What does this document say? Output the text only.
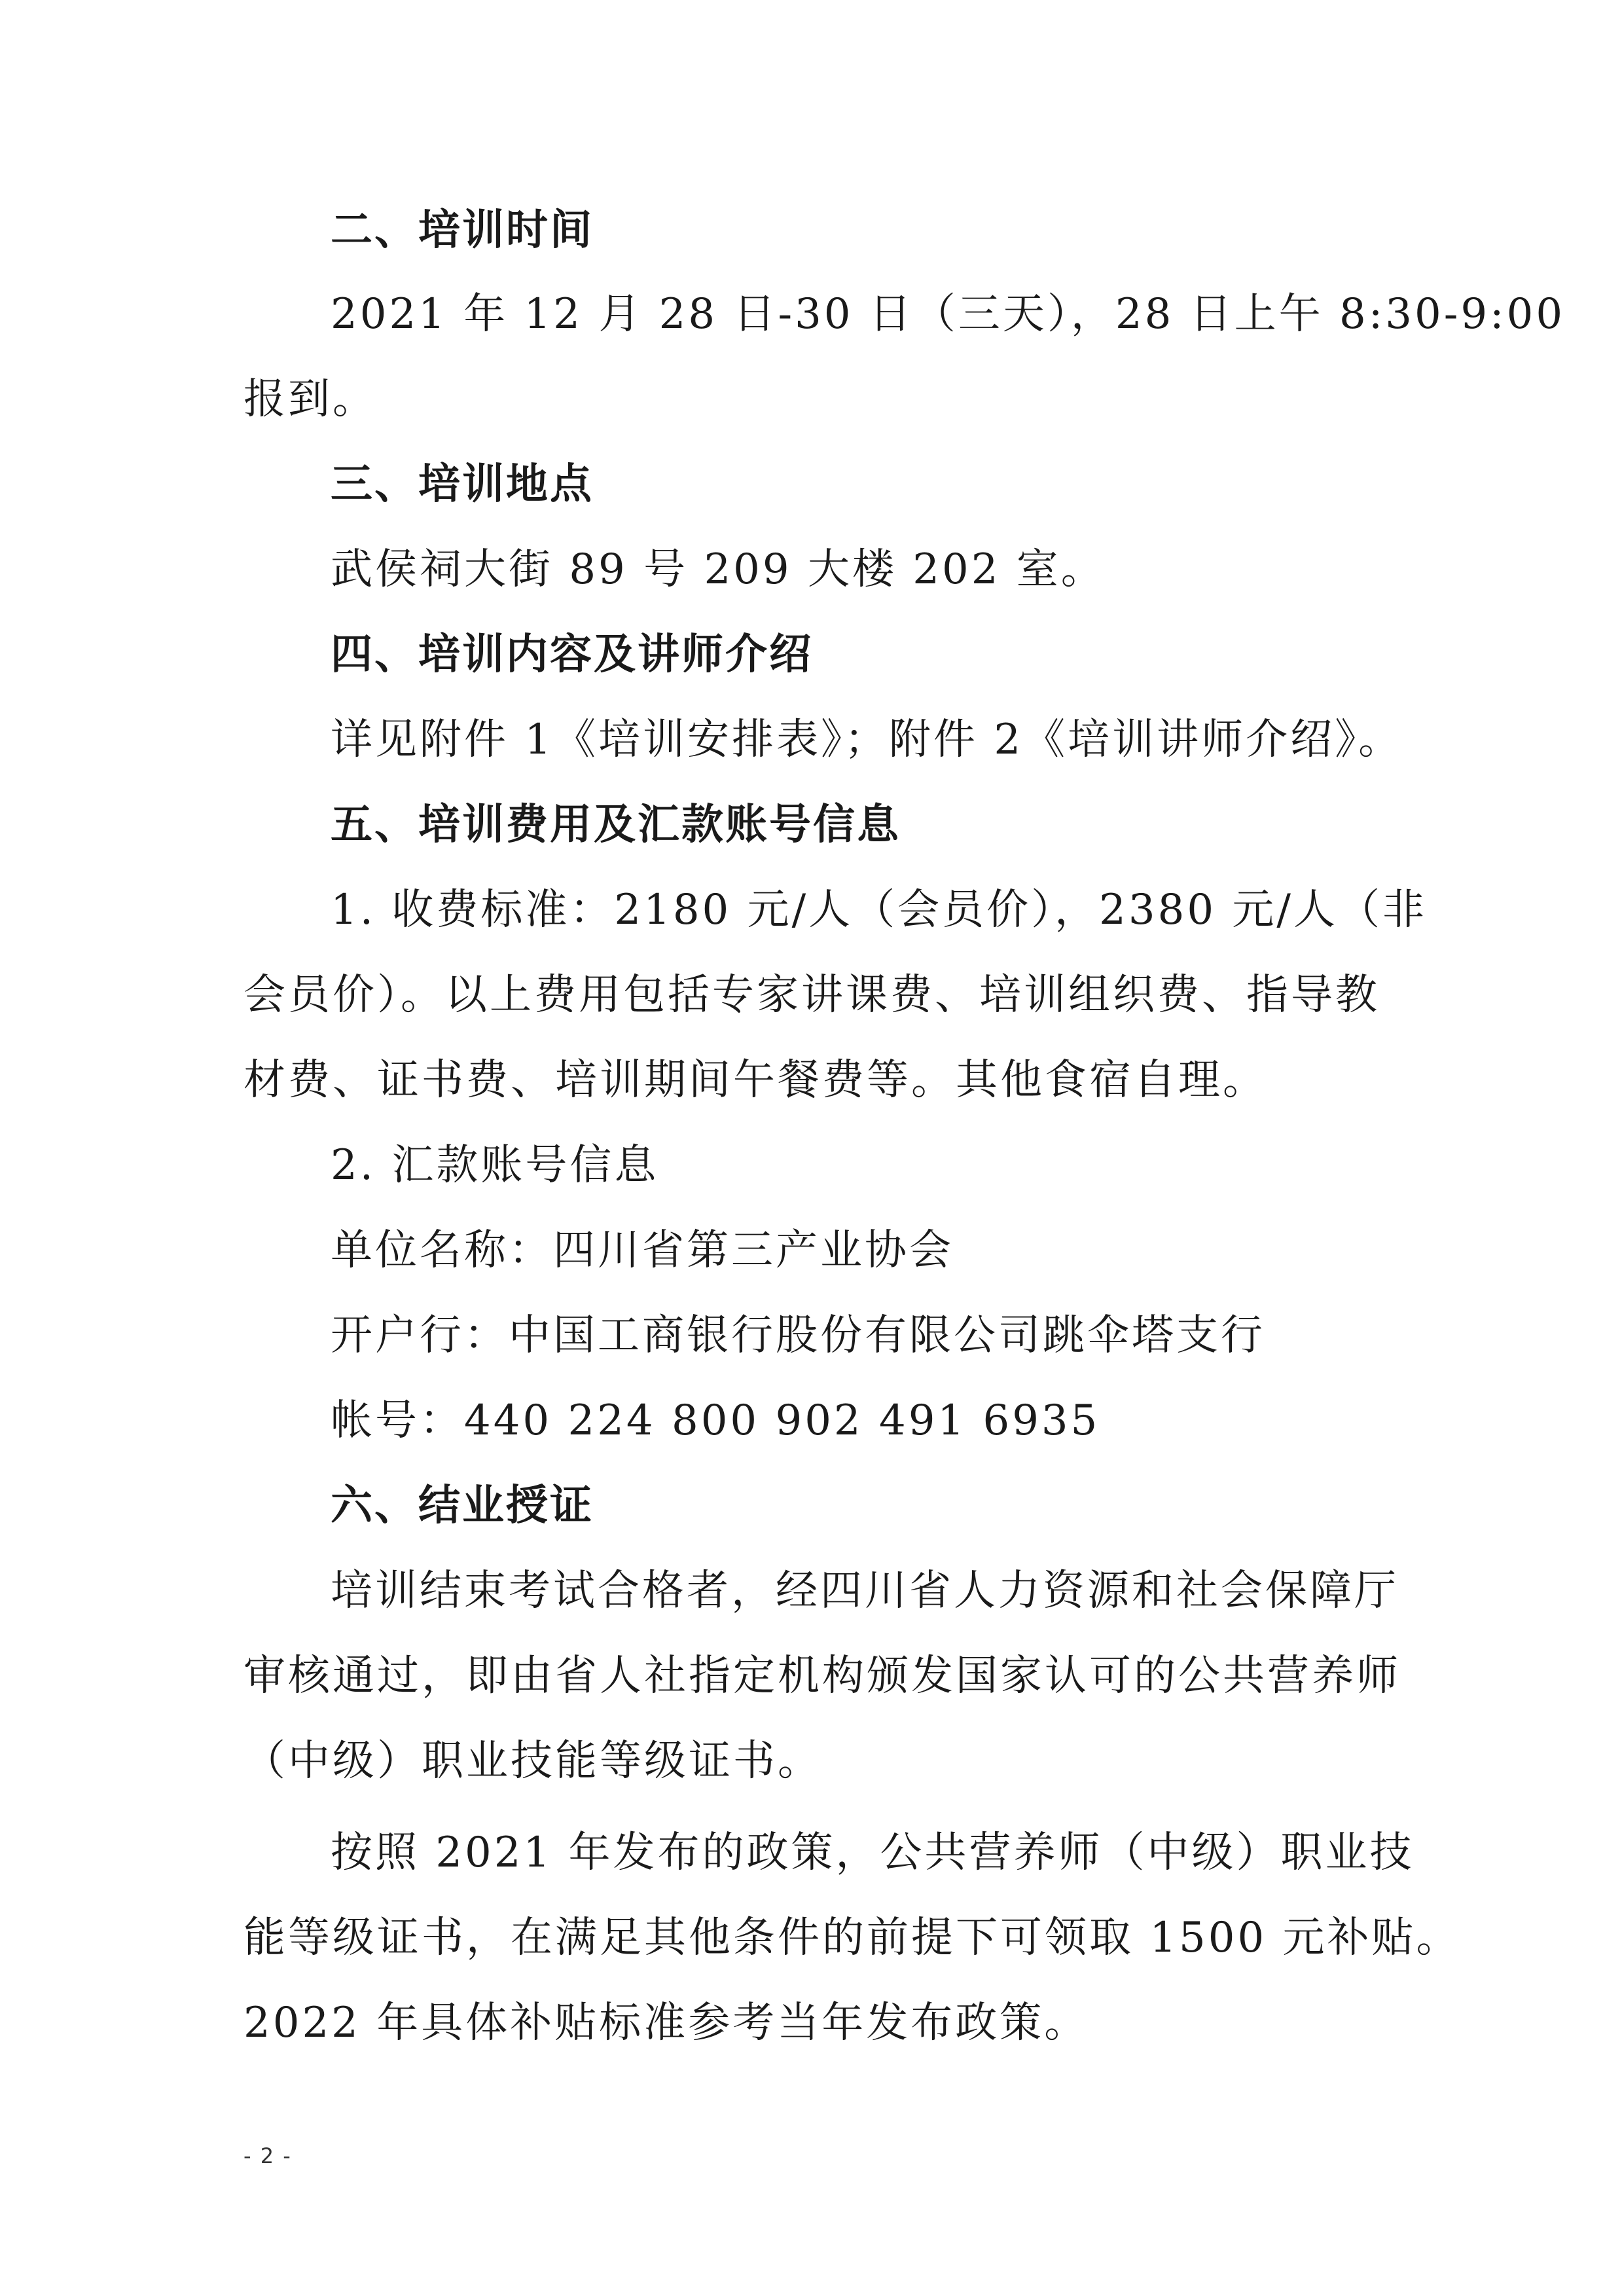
二、培训时间
2021 年 12 月 28 日-30 日（三天），28 日上午 8:30-9:00
报到。
三、培训地点
武侯祠大街 89 号 209 大楼 202 室。
四、培训内容及讲师介绍
详见附件 1《培训安排表》；附件 2《培训讲师介绍》。
五、培训费用及汇款账号信息
1. 收费标准：2180 元/人（会员价），2380 元/人（非
会员价）。以上费用包括专家讲课费、培训组织费、指导教
材费、证书费、培训期间午餐费等。其他食宿自理。
2. 汇款账号信息
单位名称：四川省第三产业协会
开户行：中国工商银行股份有限公司跳伞塔支行
帐号：440 224 800 902 491 6935
六、结业授证
培训结束考试合格者，经四川省人力资源和社会保障厅
审核通过，即由省人社指定机构颁发国家认可的公共营养师
（中级）职业技能等级证书。
按照 2021 年发布的政策，公共营养师（中级）职业技
能等级证书，在满足其他条件的前提下可领取 1500 元补贴。
2022 年具体补贴标准参考当年发布政策。
- 2 -
